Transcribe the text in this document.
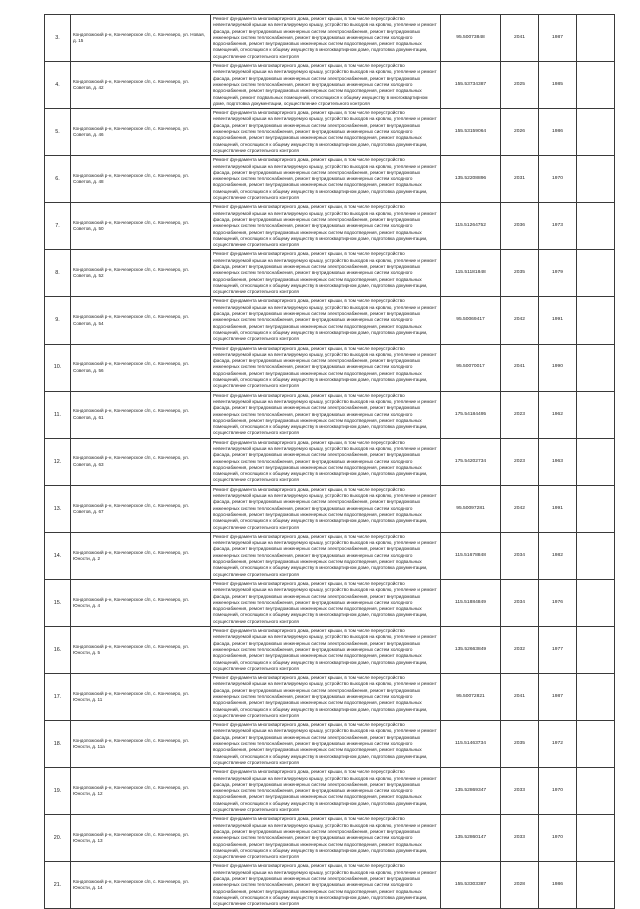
3.	Кондопожский р-н, Кончезерское с/п, с. Кончезеро, ул. Новая, д. 15	Ремонт фундамента многоквартирного дома, ремонт крыши, в том числе переустройство невентилируемой крыши на вентилируемую крышу, устройство выходов на кровлю, утепление и ремонт фасада, ремонт внутридомовых инженерных систем электроснабжения, ремонт внутридомовых инженерных систем теплоснабжения, ремонт внутридомовых инженерных систем холодного водоснабжения, ремонт внутридомовых инженерных систем водоотведения, ремонт подвальных помещений, относящихся к общему имуществу в многоквартирном доме, подготовка документации, осуществление строительного контроля	95.50073848	2041	1987	
4.	Кондопожский р-н, Кончезерское с/п, с. Кончезеро, ул. Советов, д. 42	Ремонт фундамента многоквартирного дома, ремонт крыши, в том числе переустройство невентилируемой крыши на вентилируемую крышу, устройство выходов на кровлю, утепление и ремонт фасада, ремонт внутридомовых инженерных систем электроснабжения, ремонт внутридомовых инженерных систем теплоснабжения, ремонт внутридомовых инженерных систем холодного водоснабжения, ремонт внутридомовых инженерных систем водоотведения, ремонт подвальных помещений, ремонт подвальных помещений, относящихся к общему имуществу в многоквартирном доме, подготовка документации, осуществление строительного контроля	155.53734387	2025	1985	
5.	Кондопожский р-н, Кончезерское с/п, с. Кончезеро, ул. Советов, д. 46	Ремонт фундамента многоквартирного дома, ремонт крыши, в том числе переустройство невентилируемой крыши на вентилируемую крышу, устройство выходов на кровлю, утепление и ремонт фасада, ремонт внутридомовых инженерных систем электроснабжения, ремонт внутридомовых инженерных систем теплоснабжения, ремонт внутридомовых инженерных систем холодного водоснабжения, ремонт внутридомовых инженерных систем водоотведения, ремонт подвальных помещений, относящихся к общему имуществу в многоквартирном доме, подготовка документации, осуществление строительного контроля	155.53159064	2026	1986	
6.	Кондопожский р-н, Кончезерское с/п, с. Кончезеро, ул. Советов, д. 48	Ремонт фундамента многоквартирного дома, ремонт крыши, в том числе переустройство невентилируемой крыши на вентилируемую крышу, устройство выходов на кровлю, утепление и ремонт фасада, ремонт внутридомовых инженерных систем электроснабжения, ремонт внутридомовых инженерных систем теплоснабжения, ремонт внутридомовых инженерных систем холодного водоснабжения, ремонт внутридомовых инженерных систем водоотведения, ремонт подвальных помещений, относящихся к общему имуществу в многоквартирном доме, подготовка документации, осуществление строительного контроля	135.52208896	2031	1970	
7.	Кондопожский р-н, Кончезерское с/п, с. Кончезеро, ул. Советов, д. 50	Ремонт фундамента многоквартирного дома, ремонт крыши, в том числе переустройство невентилируемой крыши на вентилируемую крышу, устройство выходов на кровлю, утепление и ремонт фасада, ремонт внутридомовых инженерных систем электроснабжения, ремонт внутридомовых инженерных систем теплоснабжения, ремонт внутридомовых инженерных систем холодного водоснабжения, ремонт внутридомовых инженерных систем водоотведения, ремонт подвальных помещений, относящихся к общему имуществу в многоквартирном доме, подготовка документации, осуществление строительного контроля	115.51264752	2036	1973	
8.	Кондопожский р-н, Кончезерское с/п, с. Кончезеро, ул. Советов, д. 52	Ремонт фундамента многоквартирного дома, ремонт крыши, в том числе переустройство невентилируемой крыши на вентилируемую крышу, устройство выходов на кровлю, утепление и ремонт фасада, ремонт внутридомовых инженерных систем электроснабжения, ремонт внутридомовых инженерных систем теплоснабжения, ремонт внутридомовых инженерных систем холодного водоснабжения, ремонт внутридомовых инженерных систем водоотведения, ремонт подвальных помещений, относящихся к общему имуществу в многоквартирном доме, подготовка документации, осуществление строительного контроля	115.51181848	2035	1979	
9.	Кондопожский р-н, Кончезерское с/п, с. Кончезеро, ул. Советов, д. 54	Ремонт фундамента многоквартирного дома, ремонт крыши, в том числе переустройство невентилируемой крыши на вентилируемую крышу, устройство выходов на кровлю, утепление и ремонт фасада, ремонт внутридомовых инженерных систем электроснабжения, ремонт внутридомовых инженерных систем теплоснабжения, ремонт внутридомовых инженерных систем холодного водоснабжения, ремонт внутридомовых инженерных систем водоотведения, ремонт подвальных помещений, относящихся к общему имуществу в многоквартирном доме, подготовка документации, осуществление строительного контроля	95.50069417	2042	1991	
10.	Кондопожский р-н, Кончезерское с/п, с. Кончезеро, ул. Советов, д. 56	Ремонт фундамента многоквартирного дома, ремонт крыши, в том числе переустройство невентилируемой крыши на вентилируемую крышу, устройство выходов на кровлю, утепление и ремонт фасада, ремонт внутридомовых инженерных систем электроснабжения, ремонт внутридомовых инженерных систем теплоснабжения, ремонт внутридомовых инженерных систем холодного водоснабжения, ремонт внутридомовых инженерных систем водоотведения, ремонт подвальных помещений, относящихся к общему имуществу в многоквартирном доме, подготовка документации, осуществление строительного контроля	95.50070017	2041	1990	
11.	Кондопожский р-н, Кончезерское с/п, с. Кончезеро, ул. Советов, д. 61	Ремонт фундамента многоквартирного дома, ремонт крыши, в том числе переустройство невентилируемой крыши на вентилируемую крышу, устройство выходов на кровлю, утепление и ремонт фасада, ремонт внутридомовых инженерных систем электроснабжения, ремонт внутридомовых инженерных систем теплоснабжения, ремонт внутридомовых инженерных систем холодного водоснабжения, ремонт внутридомовых инженерных систем водоотведения, ремонт подвальных помещений, относящихся к общему имуществу в многоквартирном доме, подготовка документации, осуществление строительного контроля	175.54184495	2023	1962	
12.	Кондопожский р-н, Кончезерское с/п, с. Кончезеро, ул. Советов, д. 63	Ремонт фундамента многоквартирного дома, ремонт крыши, в том числе переустройство невентилируемой крыши на вентилируемую крышу, устройство выходов на кровлю, утепление и ремонт фасада, ремонт внутридомовых инженерных систем электроснабжения, ремонт внутридомовых инженерных систем теплоснабжения, ремонт внутридомовых инженерных систем холодного водоснабжения, ремонт внутридомовых инженерных систем водоотведения, ремонт подвальных помещений, относящихся к общему имуществу в многоквартирном доме, подготовка документации, осуществление строительного контроля	175.54202734	2023	1963	
13.	Кондопожский р-н, Кончезерское с/п, с. Кончезеро, ул. Советов, д. 67	Ремонт фундамента многоквартирного дома, ремонт крыши, в том числе переустройство невентилируемой крыши на вентилируемую крышу, устройство выходов на кровлю, утепление и ремонт фасада, ремонт внутридомовых инженерных систем электроснабжения, ремонт внутридомовых инженерных систем теплоснабжения, ремонт внутридомовых инженерных систем холодного водоснабжения, ремонт внутридомовых инженерных систем водоотведения, ремонт подвальных помещений, относящихся к общему имуществу в многоквартирном доме, подготовка документации, осуществление строительного контроля	95.50097281	2042	1991	
14.	Кондопожский р-н, Кончезерское с/п, с. Кончезеро, ул. Юности, д. 2	Ремонт фундамента многоквартирного дома, ремонт крыши, в том числе переустройство невентилируемой крыши на вентилируемую крышу, устройство выходов на кровлю, утепление и ремонт фасада, ремонт внутридомовых инженерных систем электроснабжения, ремонт внутридомовых инженерных систем теплоснабжения, ремонт внутридомовых инженерных систем холодного водоснабжения, ремонт внутридомовых инженерных систем водоотведения, ремонт подвальных помещений, относящихся к общему имуществу в многоквартирном доме, подготовка документации, осуществление строительного контроля	115.51678848	2034	1982	
15.	Кондопожский р-н, Кончезерское с/п, с. Кончезеро, ул. Юности, д. 4	Ремонт фундамента многоквартирного дома, ремонт крыши, в том числе переустройство невентилируемой крыши на вентилируемую крышу, устройство выходов на кровлю, утепление и ремонт фасада, ремонт внутридомовых инженерных систем электроснабжения, ремонт внутридомовых инженерных систем теплоснабжения, ремонт внутридомовых инженерных систем холодного водоснабжения, ремонт внутридомовых инженерных систем водоотведения, ремонт подвальных помещений, относящихся к общему имуществу в многоквартирном доме, подготовка документации, осуществление строительного контроля	115.51884849	2034	1976	
16.	Кондопожский р-н, Кончезерское с/п, с. Кончезеро, ул. Юности, д. 5	Ремонт фундамента многоквартирного дома, ремонт крыши, в том числе переустройство невентилируемой крыши на вентилируемую крышу, устройство выходов на кровлю, утепление и ремонт фасада, ремонт внутридомовых инженерных систем электроснабжения, ремонт внутридомовых инженерных систем теплоснабжения, ремонт внутридомовых инженерных систем холодного водоснабжения, ремонт внутридомовых инженерных систем водоотведения, ремонт подвальных помещений, относящихся к общему имуществу в многоквартирном доме, подготовка документации, осуществление строительного контроля	135.52663849	2032	1977	
17.	Кондопожский р-н, Кончезерское с/п, с. Кончезеро, ул. Юности, д. 11	Ремонт фундамента многоквартирного дома, ремонт крыши, в том числе переустройство невентилируемой крыши на вентилируемую крышу, устройство выходов на кровлю, утепление и ремонт фасада, ремонт внутридомовых инженерных систем электроснабжения, ремонт внутридомовых инженерных систем теплоснабжения, ремонт внутридомовых инженерных систем холодного водоснабжения, ремонт внутридомовых инженерных систем водоотведения, ремонт подвальных помещений, относящихся к общему имуществу в многоквартирном доме, подготовка документации, осуществление строительного контроля	95.50072821	2041	1987	
18.	Кондопожский р-н, Кончезерское с/п, с. Кончезеро, ул. Юности, д. 11а	Ремонт фундамента многоквартирного дома, ремонт крыши, в том числе переустройство невентилируемой крыши на вентилируемую крышу, устройство выходов на кровлю, утепление и ремонт фасада, ремонт внутридомовых инженерных систем электроснабжения, ремонт внутридомовых инженерных систем теплоснабжения, ремонт внутридомовых инженерных систем холодного водоснабжения, ремонт внутридомовых инженерных систем водоотведения, ремонт подвальных помещений, относящихся к общему имуществу в многоквартирном доме, подготовка документации, осуществление строительного контроля	115.51463734	2035	1972	
19.	Кондопожский р-н, Кончезерское с/п, с. Кончезеро, ул. Юности, д. 12	Ремонт фундамента многоквартирного дома, ремонт крыши, в том числе переустройство невентилируемой крыши на вентилируемую крышу, устройство выходов на кровлю, утепление и ремонт фасада, ремонт внутридомовых инженерных систем электроснабжения, ремонт внутридомовых инженерных систем теплоснабжения, ремонт внутридомовых инженерных систем холодного водоснабжения, ремонт внутридомовых инженерных систем водоотведения, ремонт подвальных помещений, относящихся к общему имуществу в многоквартирном доме, подготовка документации, осуществление строительного контроля	135.52869347	2033	1970	
20.	Кондопожский р-н, Кончезерское с/п, с. Кончезеро, ул. Юности, д. 13	Ремонт фундамента многоквартирного дома, ремонт крыши, в том числе переустройство невентилируемой крыши на вентилируемую крышу, устройство выходов на кровлю, утепление и ремонт фасада, ремонт внутридомовых инженерных систем электроснабжения, ремонт внутридомовых инженерных систем теплоснабжения, ремонт внутридомовых инженерных систем холодного водоснабжения, ремонт внутридомовых инженерных систем водоотведения, ремонт подвальных помещений, относящихся к общему имуществу в многоквартирном доме, подготовка документации, осуществление строительного контроля	135.52860147	2033	1970	
21.	Кондопожский р-н, Кончезерское с/п, с. Кончезеро, ул. Юности, д. 14	Ремонт фундамента многоквартирного дома, ремонт крыши, в том числе переустройство невентилируемой крыши на вентилируемую крышу, устройство выходов на кровлю, утепление и ремонт фасада, ремонт внутридомовых инженерных систем электроснабжения, ремонт внутридомовых инженерных систем теплоснабжения, ремонт внутридомовых инженерных систем холодного водоснабжения, ремонт внутридомовых инженерных систем водоотведения, ремонт подвальных помещений, относящихся к общему имуществу в многоквартирном доме, подготовка документации, осуществление строительного контроля	155.53303387	2028	1986	
